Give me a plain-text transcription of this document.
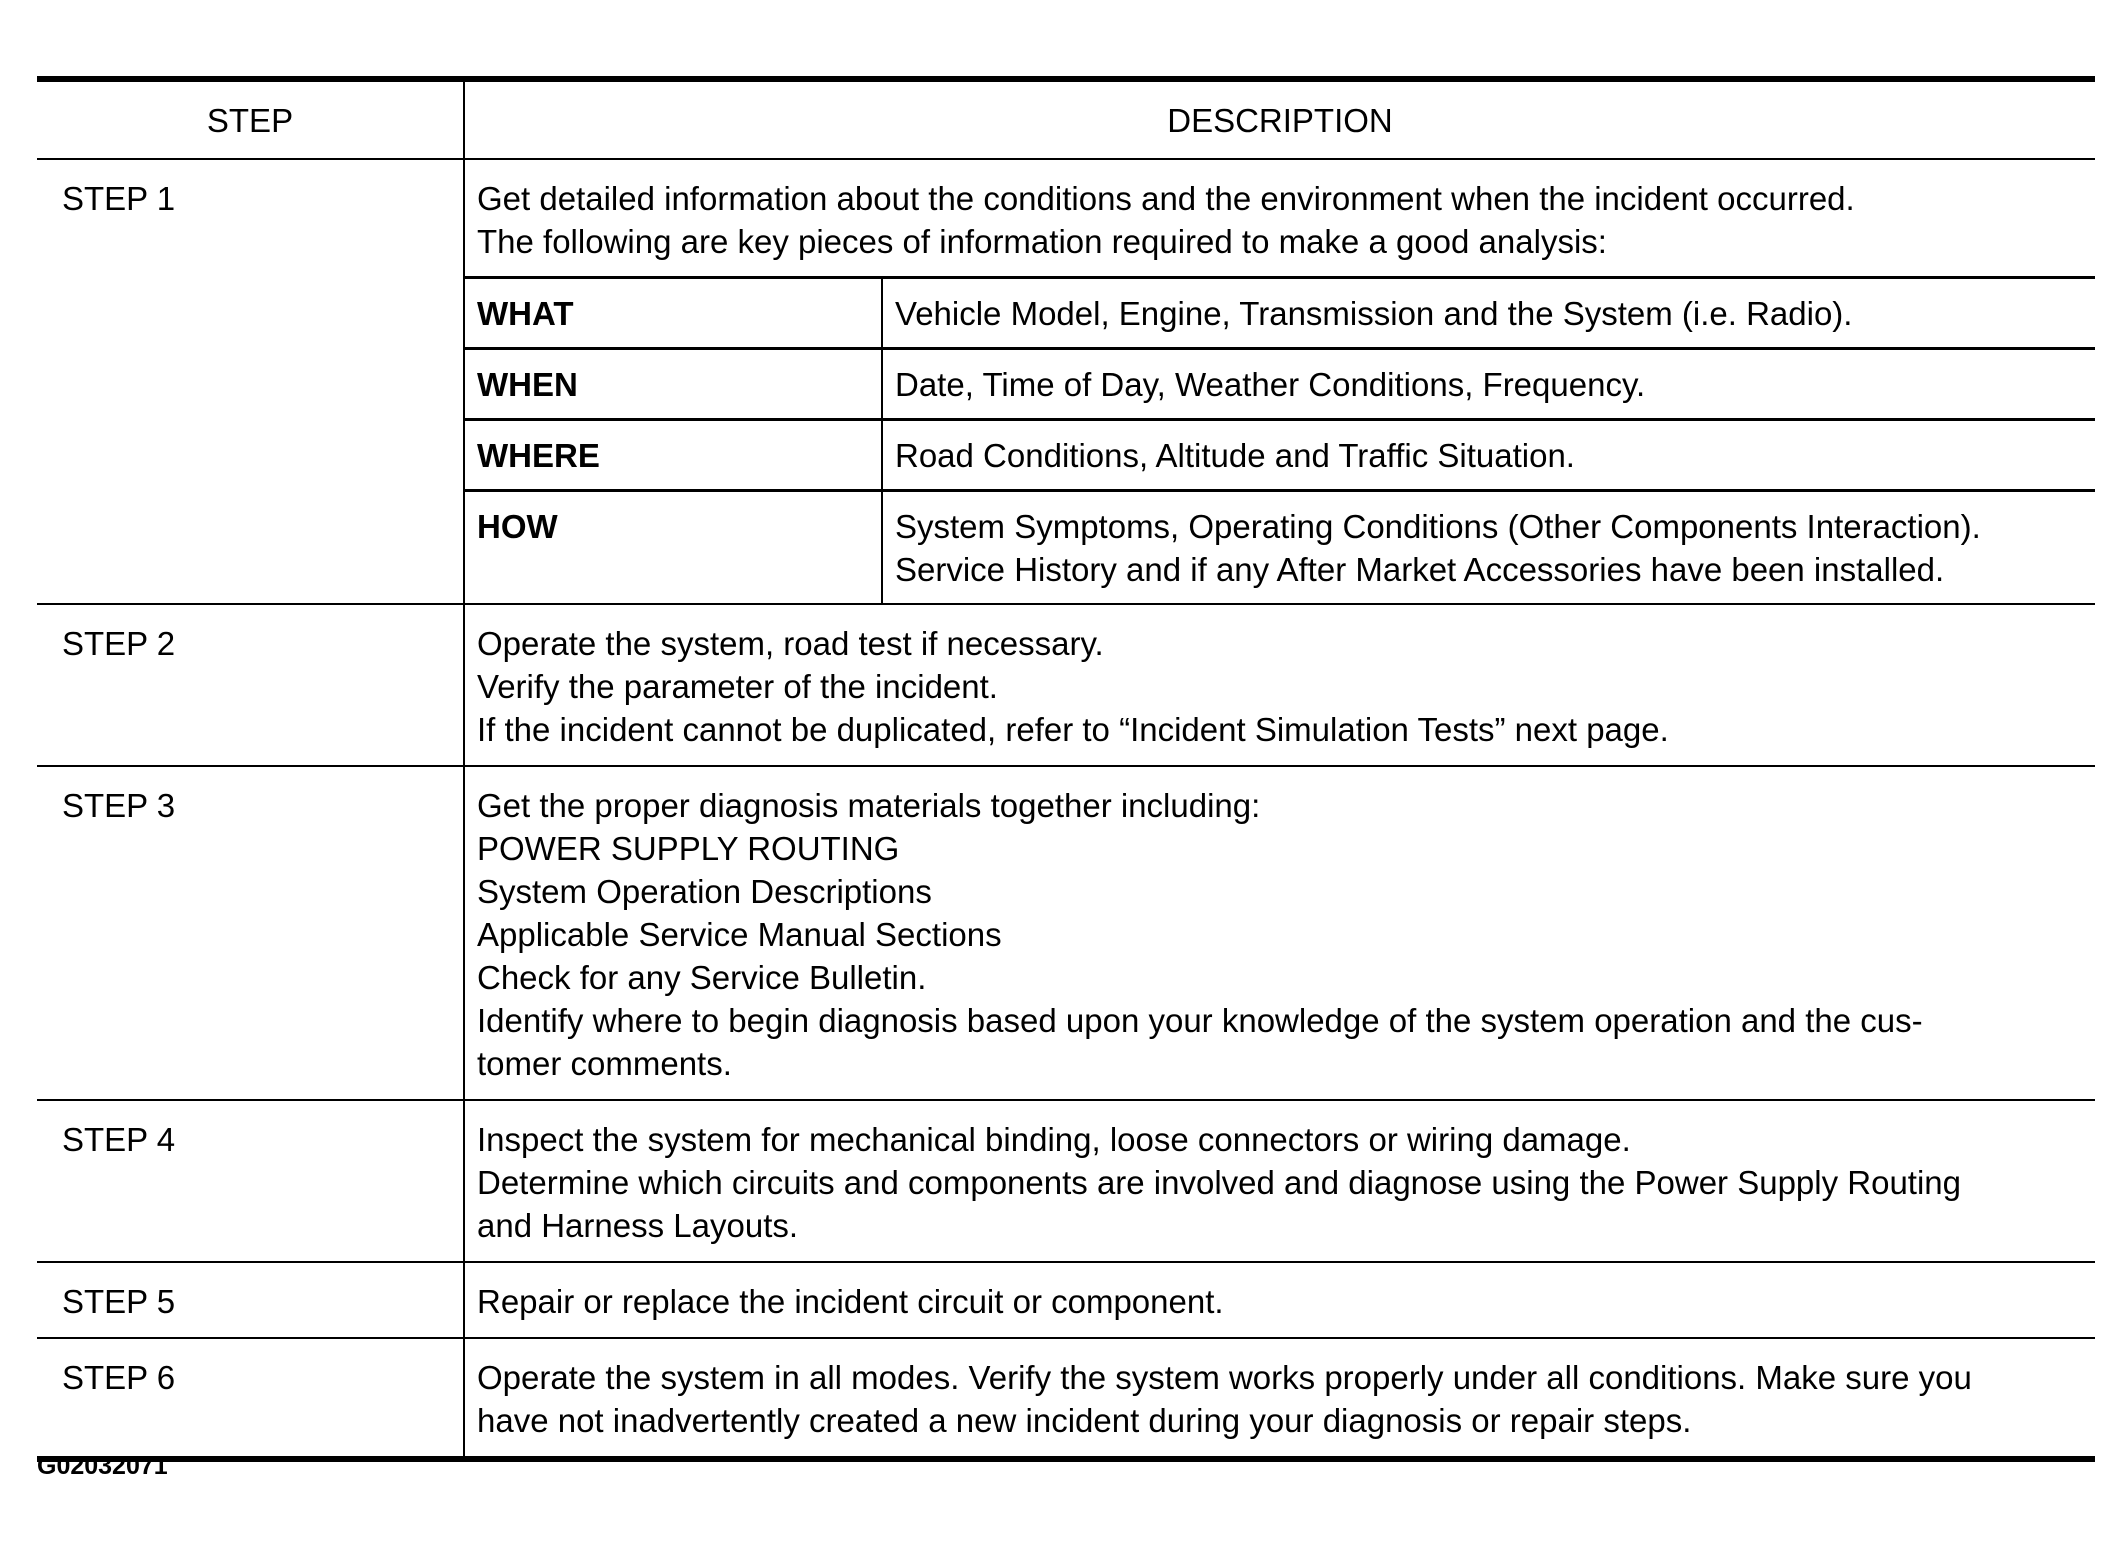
STEP	DESCRIPTION
STEP 1	Get detailed information about the conditions and the environment when the incident occurred.
The following are key pieces of information required to make a good analysis:
WHAT	Vehicle Model, Engine, Transmission and the System (i.e. Radio).

WHEN	Date, Time of Day, Weather Conditions, Frequency.

WHERE	Road Conditions, Altitude and Traffic Situation.

HOW	System Symptoms, Operating Conditions (Other Components Interaction).
Service History and if any After Market Accessories have been installed.

STEP 2	Operate the system, road test if necessary.
Verify the parameter of the incident.
If the incident cannot be duplicated, refer to “Incident Simulation Tests” next page.

STEP 3	Get the proper diagnosis materials together including:
POWER SUPPLY ROUTING
System Operation Descriptions
Applicable Service Manual Sections
Check for any Service Bulletin.
Identify where to begin diagnosis based upon your knowledge of the system operation and the cus-
tomer comments.

STEP 4	Inspect the system for mechanical binding, loose connectors or wiring damage.
Determine which circuits and components are involved and diagnose using the Power Supply Routing
and Harness Layouts.

STEP 5	Repair or replace the incident circuit or component.

STEP 6	Operate the system in all modes. Verify the system works properly under all conditions. Make sure you
have not inadvertently created a new incident during your diagnosis or repair steps.
G02032071
